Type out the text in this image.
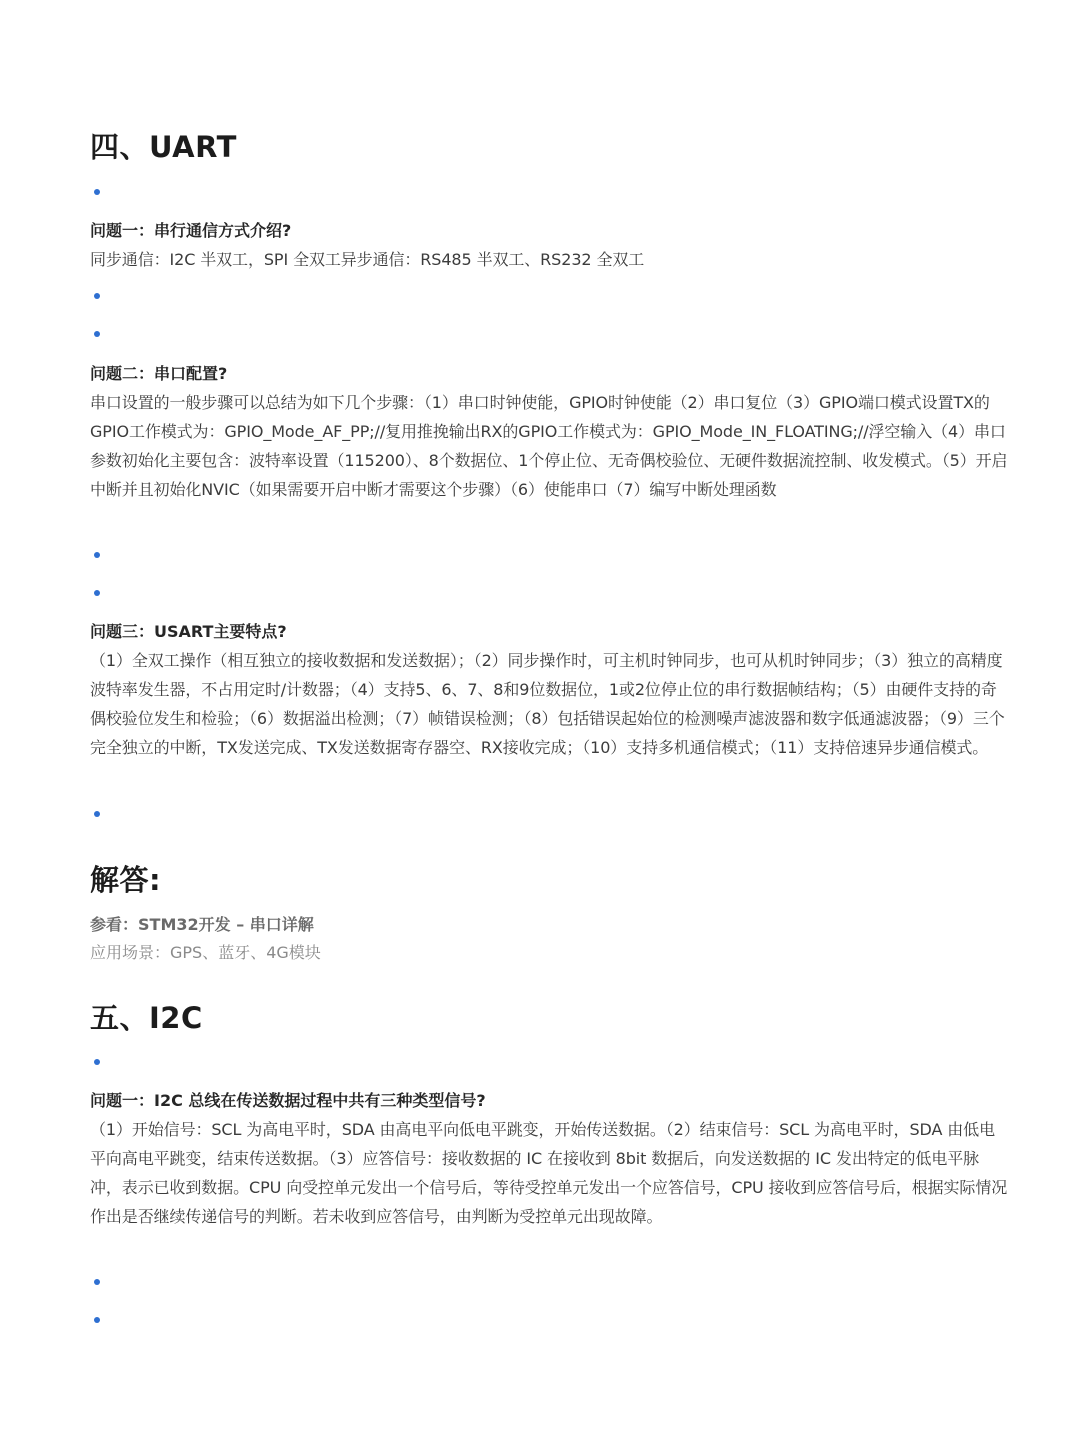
四、UART
问题一：串行通信方式介绍?
同步通信：I2C 半双工，SPI 全双工异步通信：RS485 半双工、RS232 全双工
问题二：串口配置?
串口设置的一般步骤可以总结为如下几个步骤：（1）串口时钟使能，GPIO时钟使能（2）串口复位（3）GPIO端口模式设置TX的GPIO工作模式为：GPIO_Mode_AF_PP;//复用推挽输出RX的GPIO工作模式为：GPIO_Mode_IN_FLOATING;//浮空输入（4）串口参数初始化主要包含：波特率设置（115200）、8个数据位、1个停止位、无奇偶校验位、无硬件数据流控制、收发模式。（5）开启中断并且初始化NVIC（如果需要开启中断才需要这个步骤）（6）使能串口（7）编写中断处理函数
问题三：USART主要特点?
（1）全双工操作（相互独立的接收数据和发送数据）；（2）同步操作时，可主机时钟同步，也可从机时钟同步；（3）独立的高精度波特率发生器，不占用定时/计数器；（4）支持5、6、7、8和9位数据位，1或2位停止位的串行数据帧结构；（5）由硬件支持的奇偶校验位发生和检验；（6）数据溢出检测；（7）帧错误检测；（8）包括错误起始位的检测噪声滤波器和数字低通滤波器；（9）三个完全独立的中断，TX发送完成、TX发送数据寄存器空、RX接收完成；（10）支持多机通信模式；（11）支持倍速异步通信模式。
解答:
参看：STM32开发 – 串口详解
应用场景：GPS、蓝牙、4G模块
五、I2C
问题一：I2C 总线在传送数据过程中共有三种类型信号?
（1）开始信号：SCL 为高电平时，SDA 由高电平向低电平跳变，开始传送数据。（2）结束信号：SCL 为高电平时，SDA 由低电平向高电平跳变，结束传送数据。（3）应答信号：接收数据的 IC 在接收到 8bit 数据后，向发送数据的 IC 发出特定的低电平脉冲，表示已收到数据。CPU 向受控单元发出一个信号后，等待受控单元发出一个应答信号，CPU 接收到应答信号后，根据实际情况作出是否继续传递信号的判断。若未收到应答信号，由判断为受控单元出现故障。
